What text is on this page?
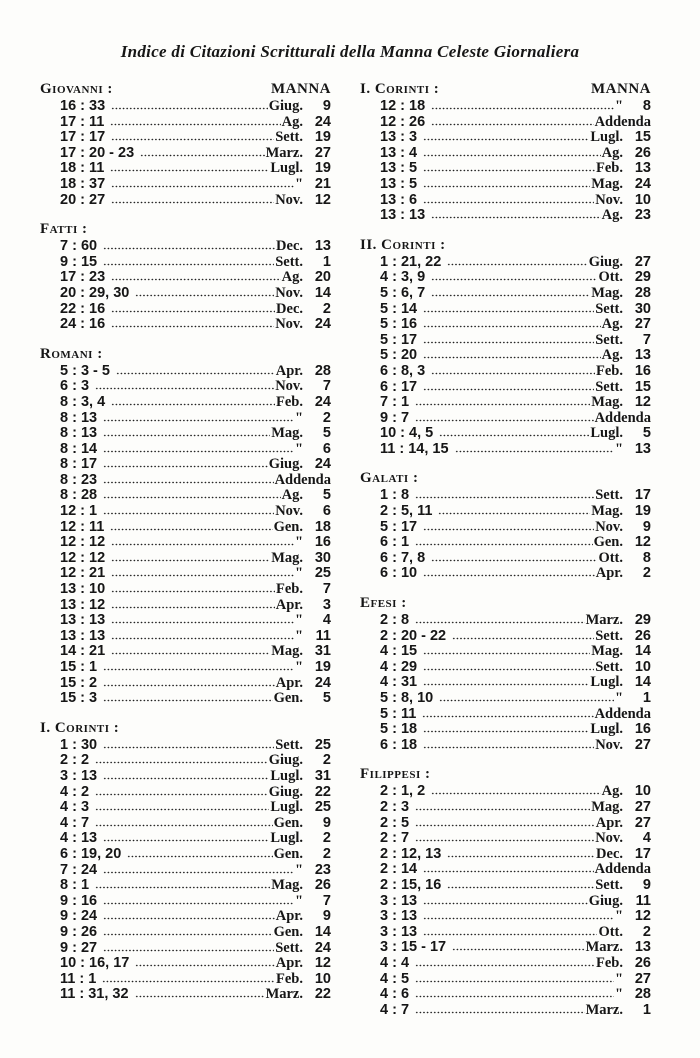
Indice di Citazioni Scritturali della Manna Celeste Giornaliera
Giovanni :	MANNA
16 : 33	Giug.	9
17 : 11	Ag. 24
17 : 17	Sett. 19
17 : 20 - 23	Marz. 27
18 : 11	Lugl. 19
18 : 37	" 21
20 : 27	Nov. 12
Fatti :
7 : 60	Dec. 13
9 : 15	Sett.	1
17 : 23	Ag. 20
20 : 29, 30	Nov. 14
22 : 16	Dec.	2
24 : 16	Nov. 24
Romani :
5 : 3 - 5	Apr. 28
6 : 3	Nov.	7
8 : 3, 4	Feb. 24
8 : 13	"	2
8 : 13	Mag.	5
8 : 14	"	6
8 : 17	Giug. 24
8 : 23	Addenda
8 : 28	Ag.	5
12 : 1	Nov.	6
12 : 11	Gen. 18
12 : 12	" 16
12 : 12	Mag. 30
12 : 21	" 25
13 : 10	Feb.	7
13 : 12	Apr.	3
13 : 13	"	4
13 : 13	" 11
14 : 21	Mag. 31
15 : 1	" 19
15 : 2	Apr. 24
15 : 3	Gen.	5
I. Corinti :
1 : 30	Sett. 25
2 : 2	Giug.	2
3 : 13	Lugl. 31
4 : 2	Giug. 22
4 : 3	Lugl. 25
4 : 7	Gen.	9
4 : 13	Lugl.	2
6 : 19, 20	Gen.	2
7 : 24	" 23
8 : 1	Mag. 26
9 : 16	"	7
9 : 24	Apr.	9
9 : 26	Gen. 14
9 : 27	Sett. 24
10 : 16, 17	Apr. 12
11 : 1	Feb. 10
11 : 31, 32	Marz. 22
I. Corinti :	MANNA
12 : 18	"	8
12 : 26	Addenda
13 : 3	Lugl. 15
13 : 4	Ag. 26
13 : 5	Feb. 13
13 : 5	Mag. 24
13 : 6	Nov. 10
13 : 13	Ag. 23
II. Corinti :
1 : 21, 22	Giug. 27
4 : 3, 9	Ott. 29
5 : 6, 7	Mag. 28
5 : 14	Sett. 30
5 : 16	Ag. 27
5 : 17	Sett.	7
5 : 20	Ag. 13
6 : 8, 3	Feb. 16
6 : 17	Sett. 15
7 : 1	Mag. 12
9 : 7	Addenda
10 : 4, 5	Lugl.	5
11 : 14, 15	" 13
Galati :
1 : 8	Sett. 17
2 : 5, 11	Mag. 19
5 : 17	Nov.	9
6 : 1	Gen. 12
6 : 7, 8	Ott.	8
6 : 10	Apr.	2
Efesi :
2 : 8	Marz. 29
2 : 20 - 22	Sett. 26
4 : 15	Mag. 14
4 : 29	Sett. 10
4 : 31	Lugl. 14
5 : 8, 10	"	1
5 : 11	Addenda
5 : 18	Lugl. 16
6 : 18	Nov. 27
Filippesi :
2 : 1, 2	Ag. 10
2 : 3	Mag. 27
2 : 5	Apr. 27
2 : 7	Nov.	4
2 : 12, 13	Dec. 17
2 : 14	Addenda
2 : 15, 16	Sett.	9
3 : 13	Giug. 11
3 : 13	" 12
3 : 13	Ott.	2
3 : 15 - 17	Marz. 13
4 : 4	Feb. 26
4 : 5	" 27
4 : 6	" 28
4 : 7	Marz.	1
